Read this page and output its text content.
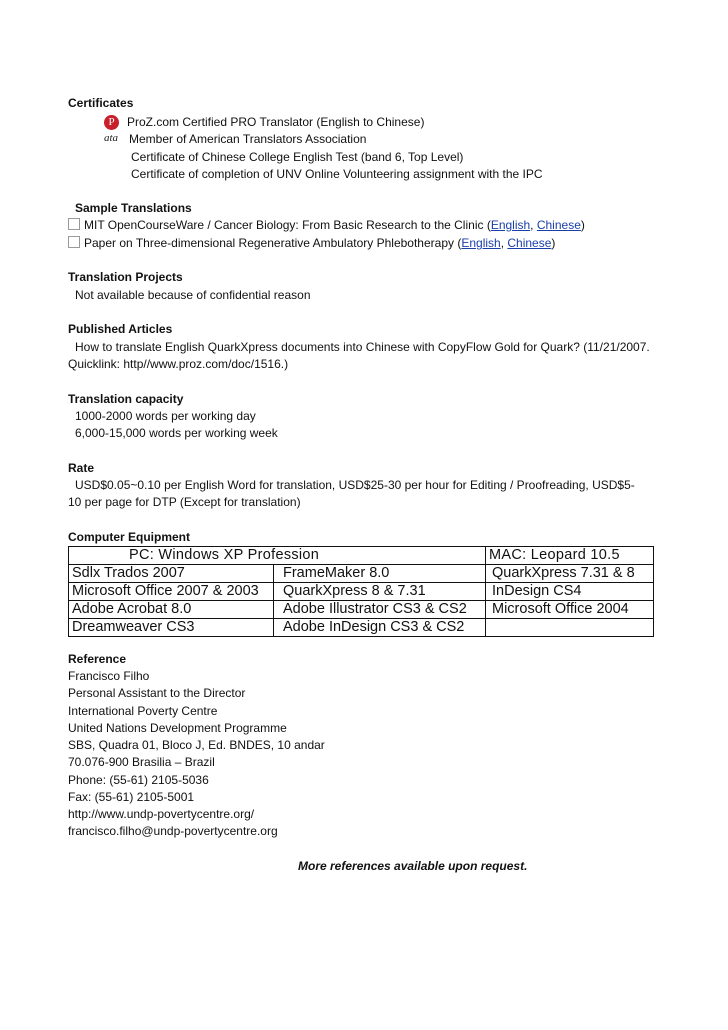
Certificates
P	ProZ.com Certified PRO Translator (English to Chinese)
ata Member of American Translators Association
Certificate of Chinese College English Test (band 6, Top Level)
Certificate of completion of UNV Online Volunteering assignment with the IPC
Sample Translations
MIT OpenCourseWare / Cancer Biology: From Basic Research to the Clinic (English, Chinese)
Paper on Three-dimensional Regenerative Ambulatory Phlebotherapy (English, Chinese)
Translation Projects
Not available because of confidential reason
Published Articles
How to translate English QuarkXpress documents into Chinese with CopyFlow Gold for Quark? (11/21/2007.
Quicklink: http//www.proz.com/doc/1516.)
Translation capacity
1000-2000 words per working day
6,000-15,000 words per working week
Rate
USD$0.05~0.10 per English Word for translation, USD$25-30 per hour for Editing / Proofreading, USD$5-
10 per page for DTP (Except for translation)
Computer Equipment
PC: Windows XP Profession		MAC: Leopard 10.5
Sdlx Trados 2007	FrameMaker 8.0	QuarkXpress 7.31 & 8
Microsoft Office 2007 & 2003	QuarkXpress 8 & 7.31	InDesign CS4
Adobe Acrobat 8.0	Adobe Illustrator CS3 & CS2	Microsoft Office 2004
Dreamweaver CS3	Adobe InDesign CS3 & CS2	
Reference
Francisco Filho
Personal Assistant to the Director
International Poverty Centre
United Nations Development Programme
SBS, Quadra 01, Bloco J, Ed. BNDES, 10 andar
70.076-900 Brasilia – Brazil
Phone: (55-61) 2105-5036
Fax: (55-61) 2105-5001
http://www.undp-povertycentre.org/
francisco.filho@undp-povertycentre.org
More references available upon request.
